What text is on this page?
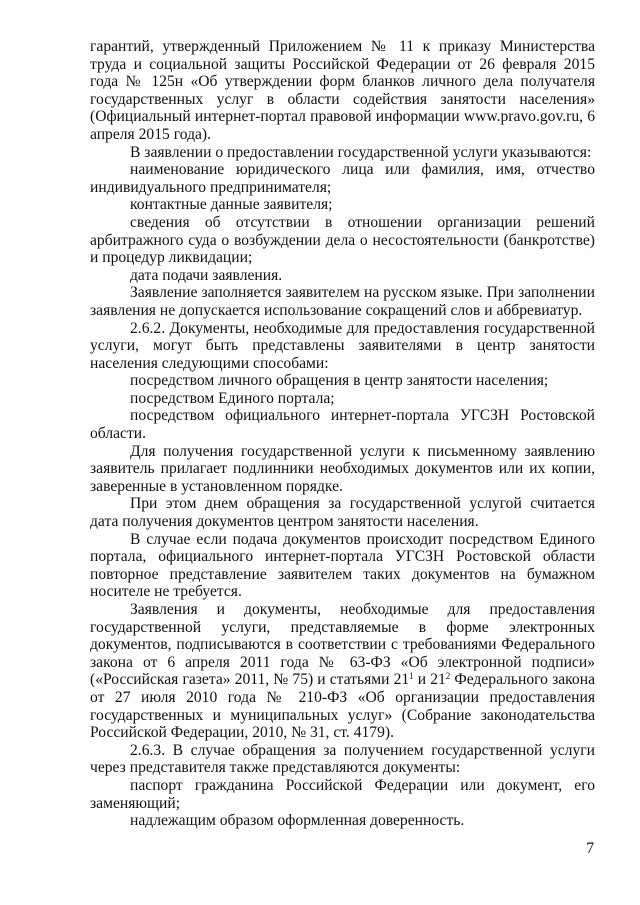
гарантий, утвержденный Приложением № 11 к приказу Министерства труда и социальной защиты Российской Федерации от 26 февраля 2015 года № 125н «Об утверждении форм бланков личного дела получателя государственных услуг в области содействия занятости населения» (Официальный интернет-портал правовой информации www.pravo.gov.ru, 6 апреля 2015 года).

В заявлении о предоставлении государственной услуги указываются:

наименование юридического лица или фамилия, имя, отчество индивидуального предпринимателя;

контактные данные заявителя;

сведения об отсутствии в отношении организации решений арбитражного суда о возбуждении дела о несостоятельности (банкротстве) и процедур ликвидации;

дата подачи заявления.

Заявление заполняется заявителем на русском языке. При заполнении заявления не допускается использование сокращений слов и аббревиатур.

2.6.2. Документы, необходимые для предоставления государственной услуги, могут быть представлены заявителями в центр занятости населения следующими способами:

посредством личного обращения в центр занятости населения;

посредством Единого портала;

посредством официального интернет-портала УГСЗН Ростовской области.

Для получения государственной услуги к письменному заявлению заявитель прилагает подлинники необходимых документов или их копии, заверенные в установленном порядке.

При этом днем обращения за государственной услугой считается дата получения документов центром занятости населения.

В случае если подача документов происходит посредством Единого портала, официального интернет-портала УГСЗН Ростовской области повторное представление заявителем таких документов на бумажном носителе не требуется.

Заявления и документы, необходимые для предоставления государственной услуги, представляемые в форме электронных документов, подписываются в соответствии с требованиями Федерального закона от 6 апреля 2011 года № 63-ФЗ «Об электронной подписи» («Российская газета» 2011, № 75) и статьями $21^1$ и $21^2$ Федерального закона от 27 июля 2010 года № 210-ФЗ «Об организации предоставления государственных и муниципальных услуг» (Собрание законодательства Российской Федерации, 2010, № 31, ст. 4179).

2.6.3. В случае обращения за получением государственной услуги через представителя также представляются документы:

паспорт гражданина Российской Федерации или документ, его заменяющий;

надлежащим образом оформленная доверенность.

7
